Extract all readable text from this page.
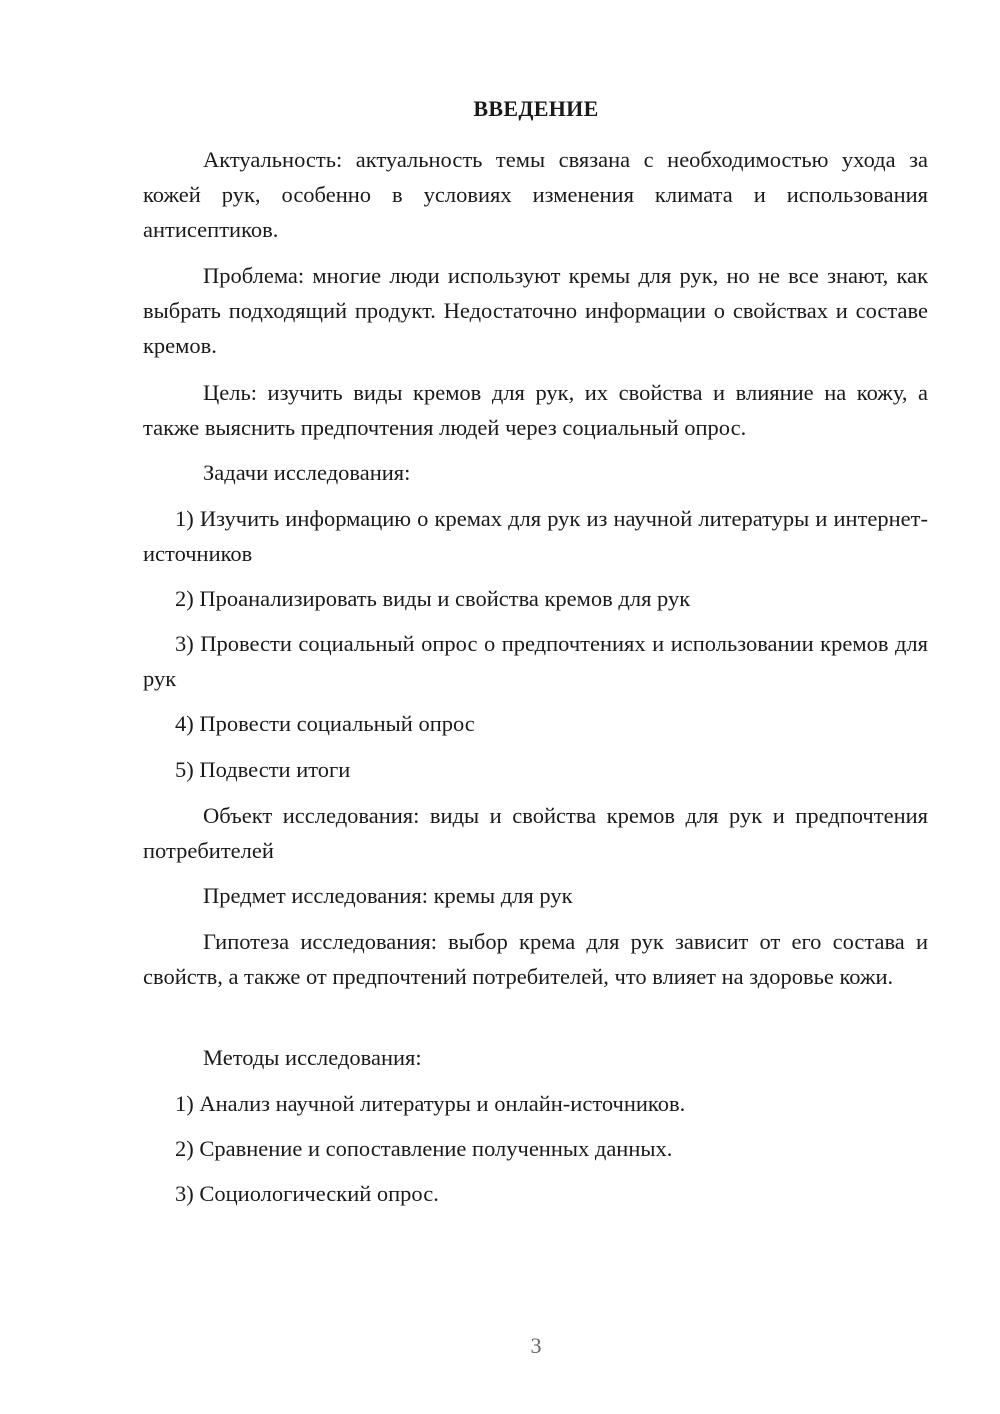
ВВЕДЕНИЕ

Актуальность: актуальность темы связана с необходимостью ухода за кожей рук, особенно в условиях изменения климата и использования антисептиков.

Проблема: многие люди используют кремы для рук, но не все знают, как выбрать подходящий продукт. Недостаточно информации о свойствах и составе кремов.

Цель: изучить виды кремов для рук, их свойства и влияние на кожу, а также выяснить предпочтения людей через социальный опрос.

Задачи исследования:

1) Изучить информацию о кремах для рук из научной литературы и интернет-источников

2) Проанализировать виды и свойства кремов для рук

3) Провести социальный опрос о предпочтениях и использовании кремов для рук

4) Провести социальный опрос

5) Подвести итоги

Объект исследования: виды и свойства кремов для рук и предпочтения потребителей

Предмет исследования: кремы для рук

Гипотеза исследования: выбор крема для рук зависит от его состава и свойств, а также от предпочтений потребителей, что влияет на здоровье кожи.

Методы исследования:

1) Анализ научной литературы и онлайн-источников.

2) Сравнение и сопоставление полученных данных.

3) Социологический опрос.

3
